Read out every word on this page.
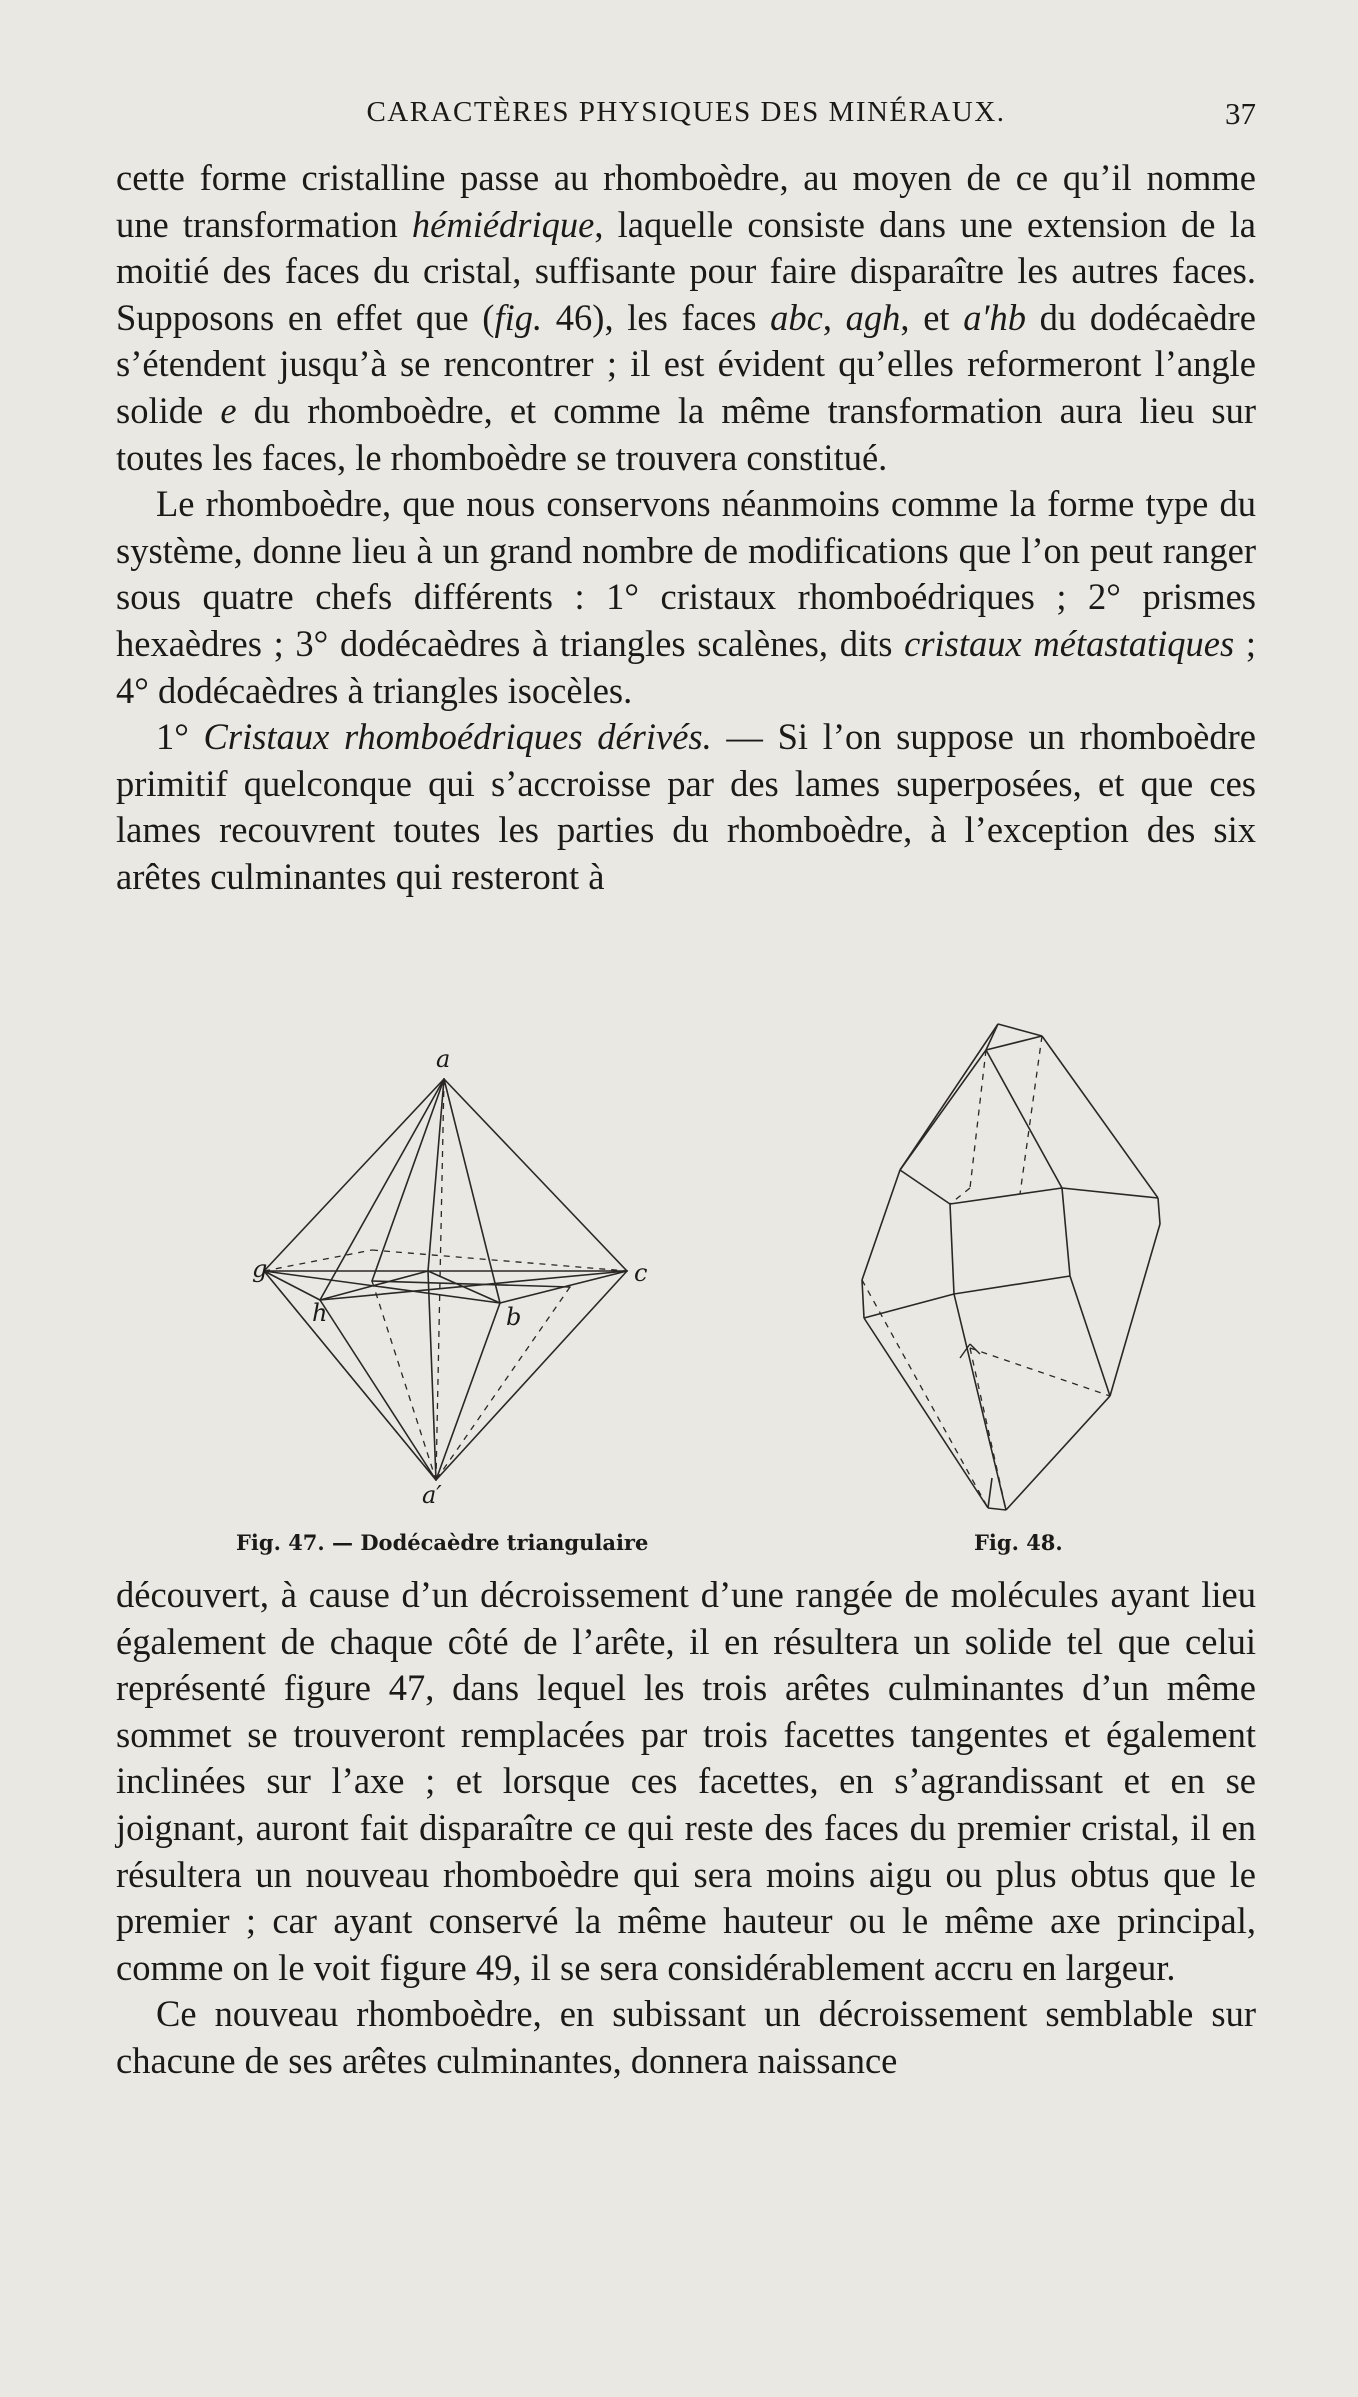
CARACTÈRES PHYSIQUES DES MINÉRAUX.	37

cette forme cristalline passe au rhomboèdre, au moyen de ce qu’il nomme une transformation hémiédrique, laquelle consiste dans une extension de la moitié des faces du cristal, suffisante pour faire disparaître les autres faces. Supposons en effet que (fig. 46), les faces abc, agh, et a′hb du dodécaèdre s’étendent jusqu’à se rencontrer ; il est évident qu’elles reformeront l’angle solide e du rhomboèdre, et comme la même transformation aura lieu sur toutes les faces, le rhomboèdre se trouvera constitué.

Le rhomboèdre, que nous conservons néanmoins comme la forme type du système, donne lieu à un grand nombre de modifications que l’on peut ranger sous quatre chefs différents : 1° cristaux rhomboédriques ; 2° prismes hexaèdres ; 3° dodécaèdres à triangles scalènes, dits cristaux métastatiques ; 4° dodécaèdres à triangles isocèles.

1° Cristaux rhomboédriques dérivés. — Si l’on suppose un rhomboèdre primitif quelconque qui s’accroisse par des lames superposées, et que ces lames recouvrent toutes les parties du rhomboèdre, à l’exception des six arêtes culminantes qui resteront à

a
g	c
h	b
a′
Fig. 47. — Dodécaèdre triangulaire	Fig. 48.

découvert, à cause d’un décroissement d’une rangée de molécules ayant lieu également de chaque côté de l’arête, il en résultera un solide tel que celui représenté figure 47, dans lequel les trois arêtes culminantes d’un même sommet se trouveront remplacées par trois facettes tangentes et également inclinées sur l’axe ; et lorsque ces facettes, en s’agrandissant et en se joignant, auront fait disparaître ce qui reste des faces du premier cristal, il en résultera un nouveau rhomboèdre qui sera moins aigu ou plus obtus que le premier ; car ayant conservé la même hauteur ou le même axe principal, comme on le voit figure 49, il se sera considérablement accru en largeur.

Ce nouveau rhomboèdre, en subissant un décroissement semblable sur chacune de ses arêtes culminantes, donnera naissance
